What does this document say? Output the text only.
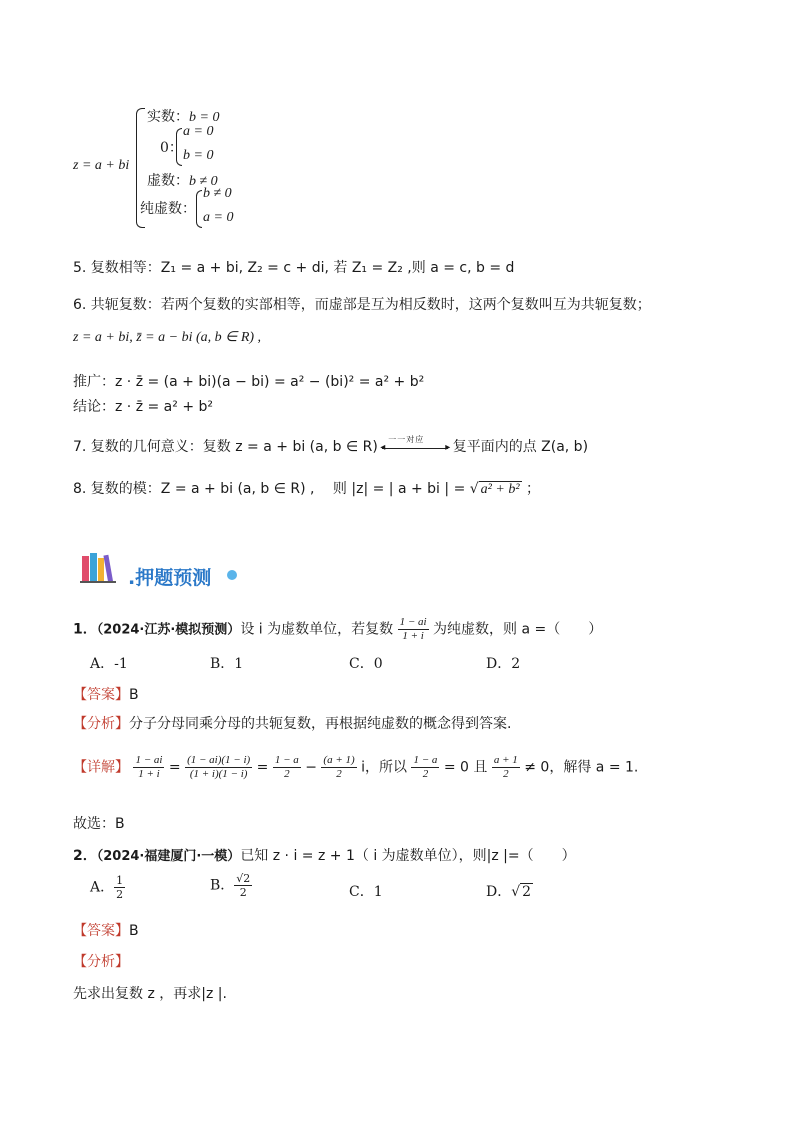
z = a + bi
实数：b = 0
0：
a = 0
b = 0
虚数：b ≠ 0
纯虚数：
b ≠ 0
a = 0
5. 复数相等：Z₁ = a + bi, Z₂ = c + di, 若 Z₁ = Z₂ ,则 a = c, b = d
6. 共轭复数：若两个复数的实部相等，而虚部是互为相反数时，这两个复数叫互为共轭复数；
z = a + bi, z̄ = a − bi (a, b ∈ R) ,
推广：z · z̄ = (a + bi)(a − bi) = a² − (bi)² = a² + b²
结论：z · z̄ = a² + b²
7. 复数的几何意义：复数 z = a + bi (a, b ∈ R) 一一对应
◂	▸ 复平面内的点 Z(a, b)
8. 复数的模：Z = a + bi (a, b ∈ R) ,　 则 |z| = | a + bi | = √ a² + b² ；
.押题预测
1．（2024·江苏·模拟预测）设 i 为虚数单位，若复数 $\frac{1 - ai}{1 + i}$ 为纯虚数，则 a =（　　）
A．-1	B．1	C．0	D．2
【答案】B
【分析】分子分母同乘分母的共轭复数，再根据纯虚数的概念得到答案.
【详解】 $\frac{1 - ai}{1 + i} = \frac{(1 - ai)(1 - i)}{(1 + i)(1 - i)} = \frac{1 - a}{2} - \frac{(a + 1)}{2}$ i，所以 $\frac{1 - a}{2} = 0$ 且 $\frac{a + 1}{2} \ne 0$，解得 a = 1.
故选：B
2．（2024·福建厦门·一模）已知 z · i = z + 1（ i 为虚数单位），则|z |=（　　）
A． $\frac{1}{2}$	B． $\frac{√2}{2}$	C．1	D．√ 2
【答案】B
【分析】
先求出复数 z ，再求|z |.
